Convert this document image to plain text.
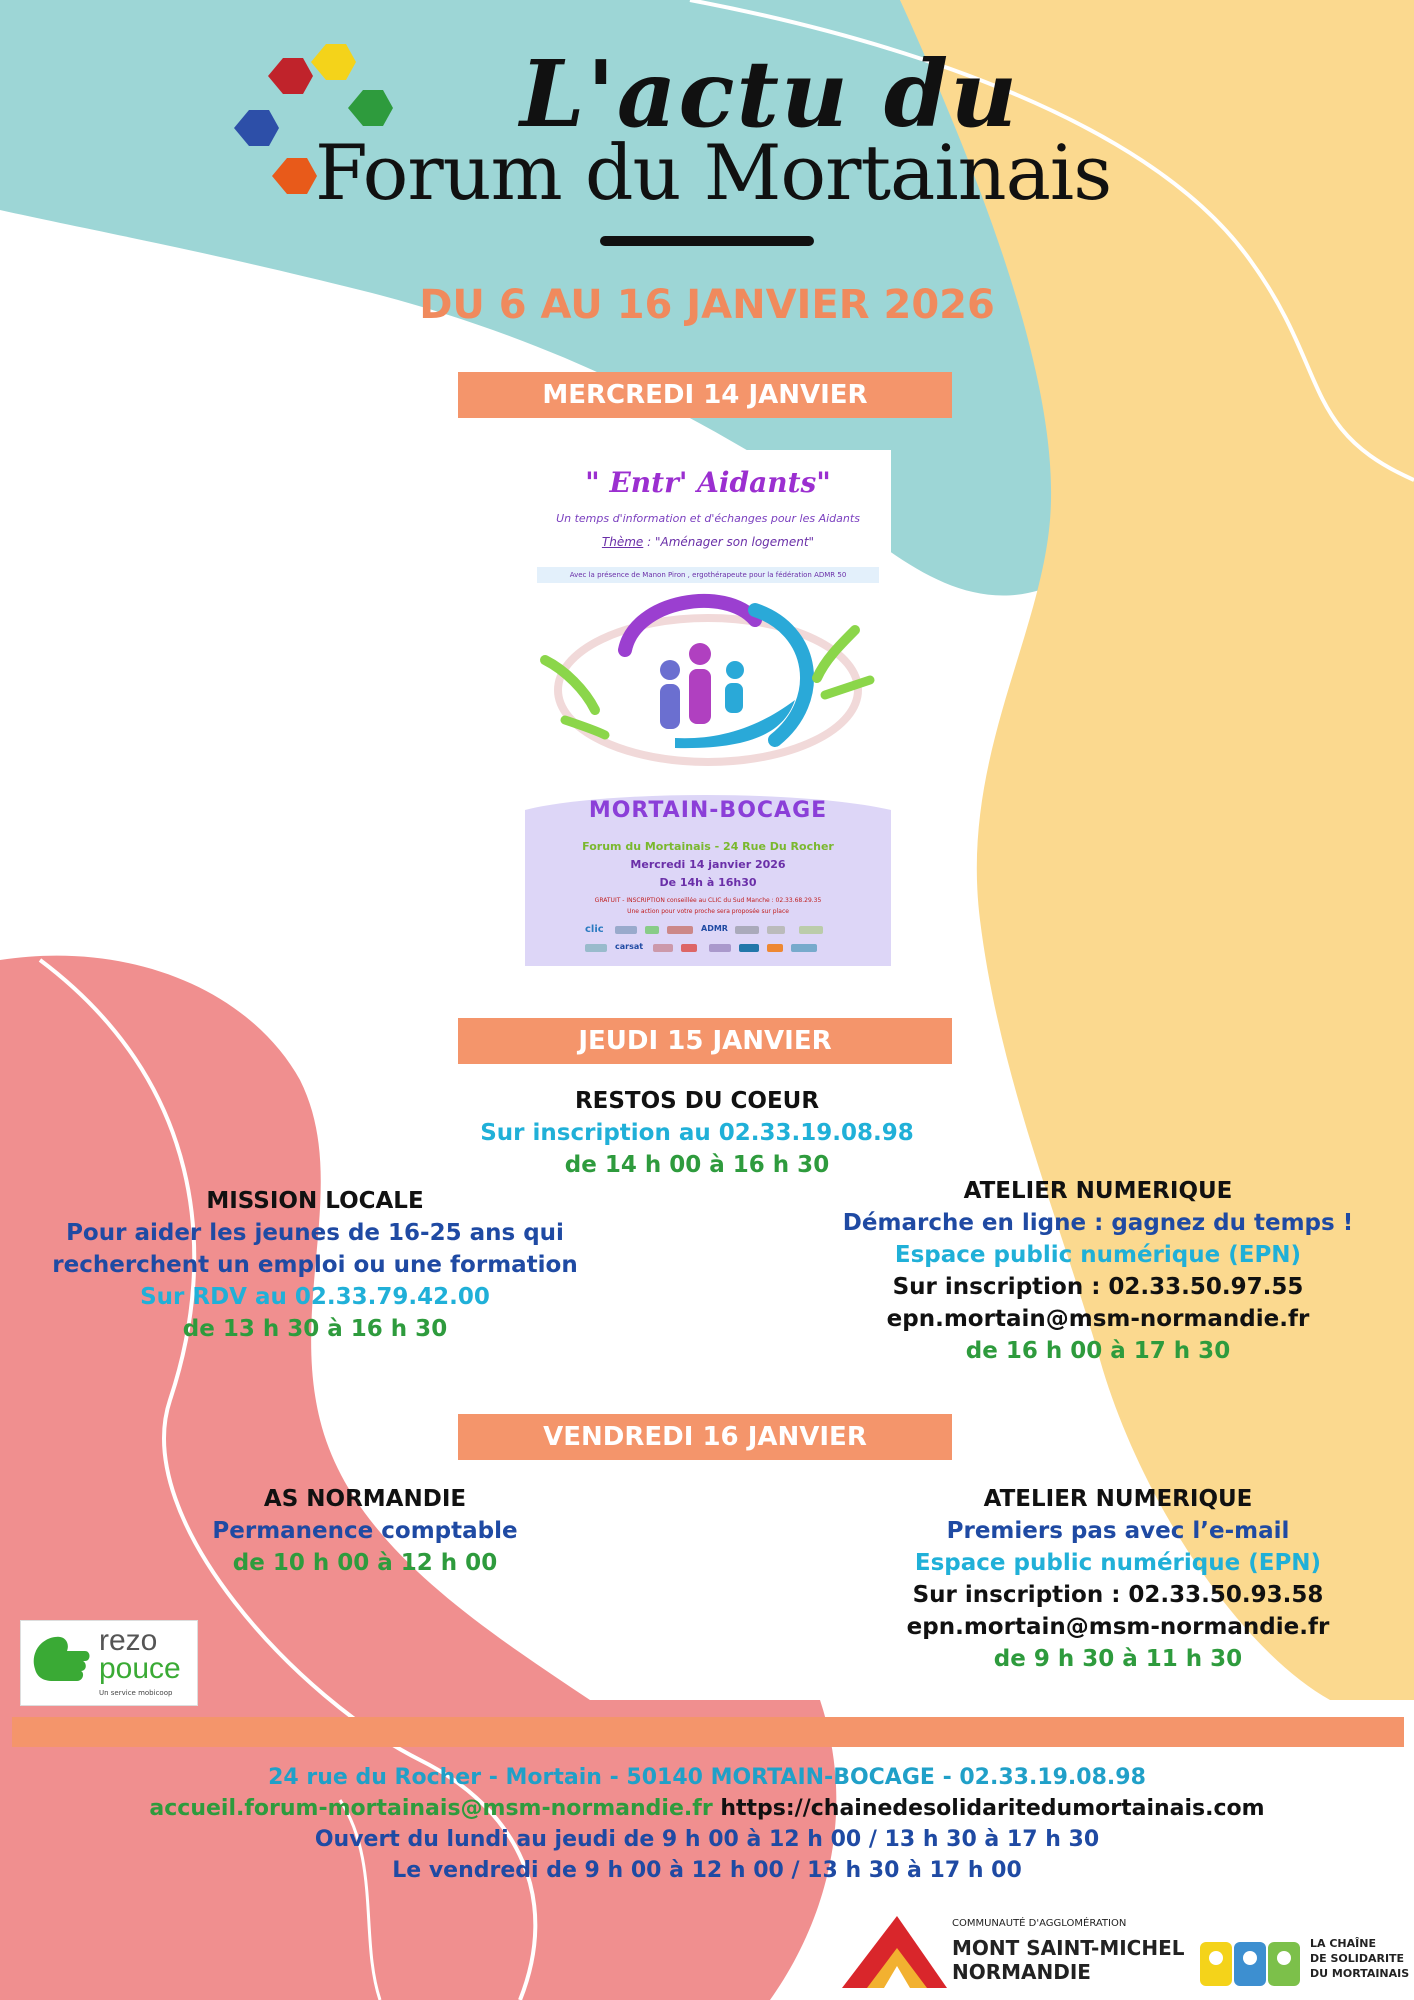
L'actu du
Forum du Mortainais
DU 6 AU 16 JANVIER 2026
MERCREDI 14 JANVIER
" Entr' Aidants"
Un temps d'information et d'échanges pour les Aidants
Thème : "Aménager son logement"
Avec la présence de Manon Piron , ergothérapeute pour la fédération ADMR 50
MORTAIN-BOCAGE
Forum du Mortainais - 24 Rue Du Rocher
Mercredi 14 janvier 2026
De 14h à 16h30
GRATUIT - INSCRIPTION conseillée au CLIC du Sud Manche : 02.33.68.29.35
Une action pour votre proche sera proposée sur place
clic	ADMR
carsat
JEUDI 15 JANVIER
RESTOS DU COEUR
Sur inscription au 02.33.19.08.98
de 14 h 00 à 16 h 30
MISSION LOCALE
Pour aider les jeunes de 16-25 ans qui
recherchent un emploi ou une formation
Sur RDV au 02.33.79.42.00
de 13 h 30 à 16 h 30
ATELIER NUMERIQUE
Démarche en ligne : gagnez du temps !
Espace public numérique (EPN)
Sur inscription : 02.33.50.97.55
epn.mortain@msm-normandie.fr
de 16 h 00 à 17 h 30
VENDREDI 16 JANVIER
AS NORMANDIE
Permanence comptable
de 10 h 00 à 12 h 00
ATELIER NUMERIQUE
Premiers pas avec l’e-mail
Espace public numérique (EPN)
Sur inscription : 02.33.50.93.58
epn.mortain@msm-normandie.fr
de 9 h 30 à 11 h 30
rezo
pouce
Un service mobicoop
24 rue du Rocher - Mortain - 50140 MORTAIN-BOCAGE - 02.33.19.08.98
accueil.forum-mortainais@msm-normandie.fr https://chainedesolidaritedumortainais.com
Ouvert du lundi au jeudi de 9 h 00 à 12 h 00 / 13 h 30 à 17 h 30
Le vendredi de 9 h 00 à 12 h 00 / 13 h 30 à 17 h 00
COMMUNAUTÉ D'AGGLOMÉRATION
MONT SAINT-MICHEL
NORMANDIE
LA CHAÎNE
DE SOLIDARITE
DU MORTAINAIS
